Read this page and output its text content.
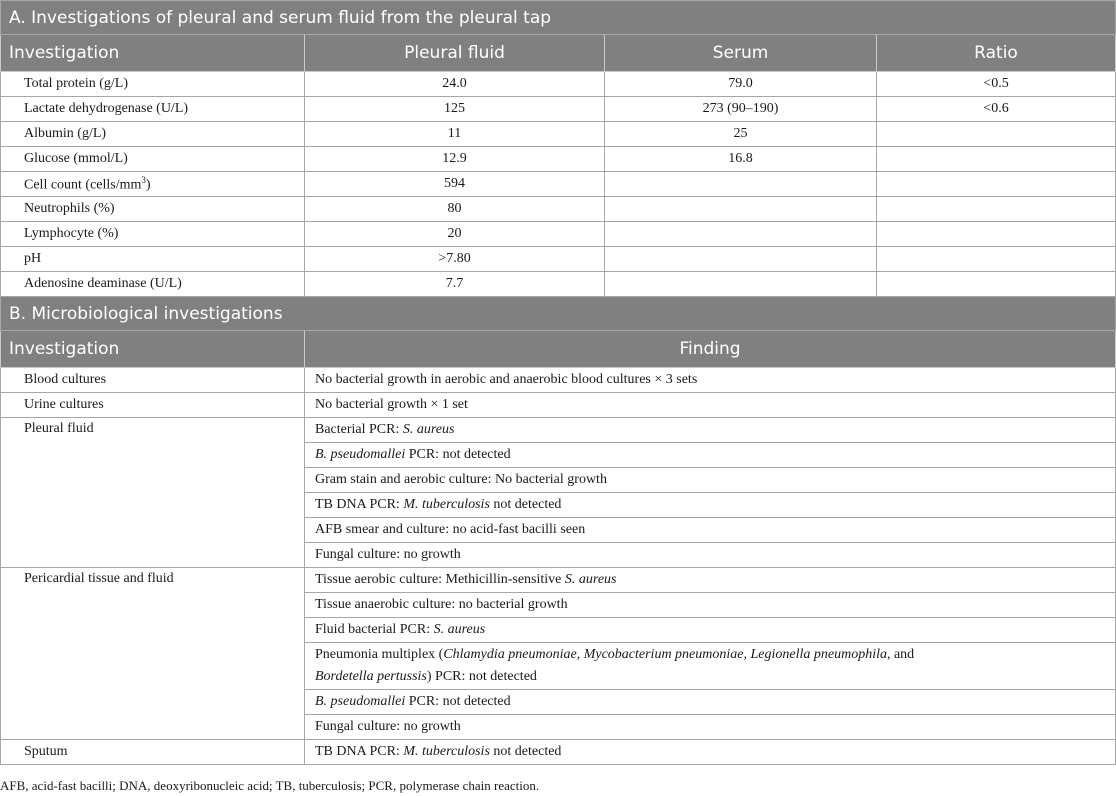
A. Investigations of pleural and serum fluid from the pleural tap			
Investigation	Pleural fluid	Serum	Ratio
Total protein (g/L)	24.0	79.0	<0.5
Lactate dehydrogenase (U/L)	125	273 (90–190)	<0.6
Albumin (g/L)	11	25	
Glucose (mmol/L)	12.9	16.8	
Cell count $(cells/mm^3)$	594		
Neutrophils (%)	80		
Lymphocyte (%)	20		
pH	>7.80		
Adenosine deaminase (U/L)	7.7		
B. Microbiological investigations			
Investigation	Finding		
Blood cultures	No bacterial growth in aerobic and anaerobic blood cultures × 3 sets		
Urine cultures	No bacterial growth × 1 set		
Pleural fluid	Bacterial PCR: S. aureus		
	B. pseudomallei PCR: not detected		
	Gram stain and aerobic culture: No bacterial growth		
	TB DNA PCR: M. tuberculosis not detected		
	AFB smear and culture: no acid-fast bacilli seen		
	Fungal culture: no growth		
Pericardial tissue and fluid	Tissue aerobic culture: Methicillin-sensitive S. aureus		
	Tissue anaerobic culture: no bacterial growth		
	Fluid bacterial PCR: S. aureus		
	Pneumonia multiplex (Chlamydia pneumoniae, Mycobacterium pneumoniae, Legionella pneumophila, and
Bordetella pertussis) PCR: not detected		
	B. pseudomallei PCR: not detected		
	Fungal culture: no growth		
Sputum	TB DNA PCR: M. tuberculosis not detected		
AFB, acid-fast bacilli; DNA, deoxyribonucleic acid; TB, tuberculosis; PCR, polymerase chain reaction.
